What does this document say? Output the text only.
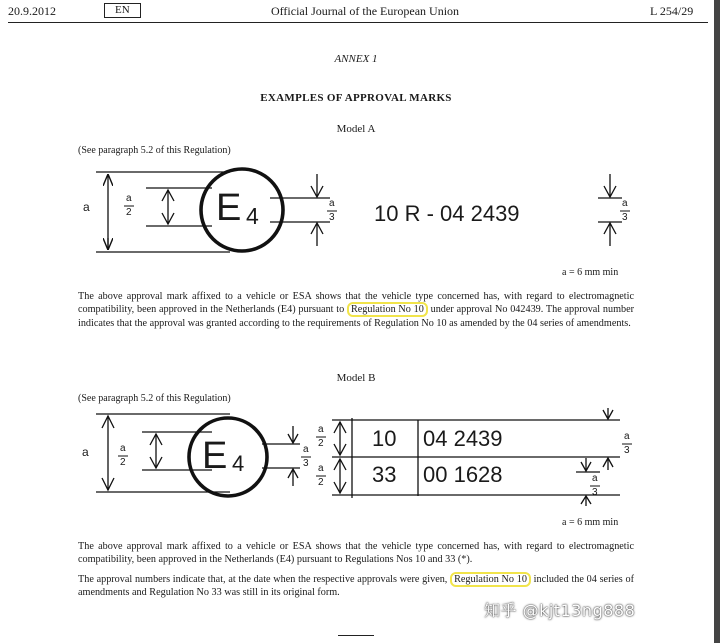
20.9.2012	EN	Official Journal of the European Union	L 254/29
ANNEX 1
EXAMPLES OF APPROVAL MARKS
Model A
(See paragraph 5.2 of this Regulation)
a
a
2
a
3
a
3
E 4	10 R - 04 2439
a = 6 mm min
The above approval mark affixed to a vehicle or ESA shows that the vehicle type concerned has, with regard to electromagnetic compatibility, been approved in the Netherlands (E4) pursuant to Regulation No 10 under approval No 042439. The approval number indicates that the approval was granted according to the requirements of Regulation No 10 as amended by the 04 series of amendments.
Model B
(See paragraph 5.2 of this Regulation)
a	a
2
a
3
a
2
a
2
a
3
a
3
E 4
10 04 2439
33 00 1628
a = 6 mm min
The above approval mark affixed to a vehicle or ESA shows that the vehicle type concerned has, with regard to electromagnetic compatibility, been approved in the Netherlands (E4) pursuant to Regulations Nos 10 and 33 (*).
The approval numbers indicate that, at the date when the respective approvals were given, Regulation No 10 included the 04 series of amendments and Regulation No 33 was still in its original form.
知乎 @kjt13ng888
